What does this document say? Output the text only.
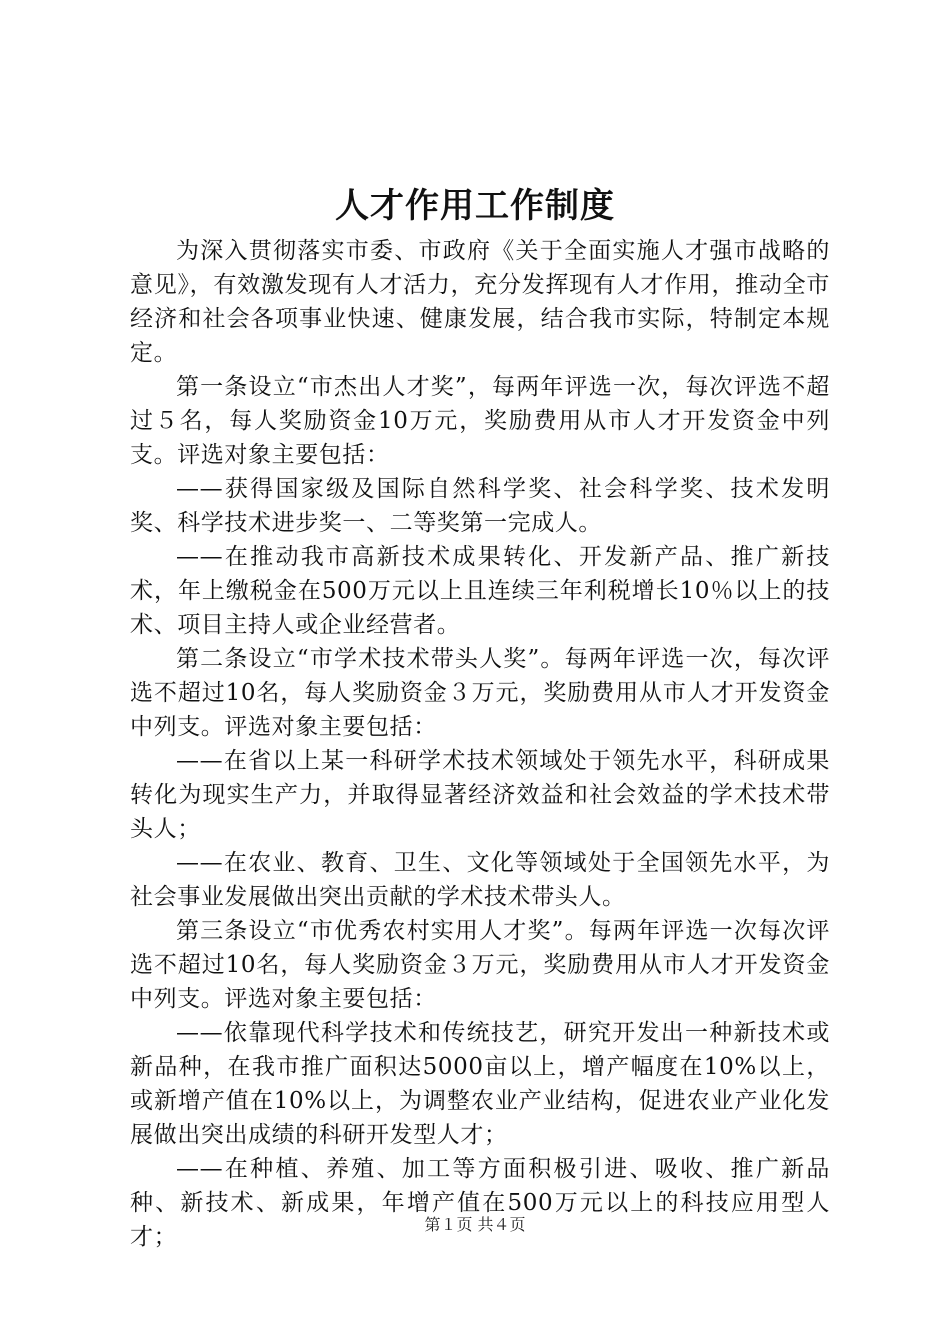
人才作用工作制度

为深入贯彻落实市委、市政府《关于全面实施人才强市战略的意见》，有效激发现有人才活力，充分发挥现有人才作用，推动全市经济和社会各项事业快速、健康发展，结合我市实际，特制定本规定。

第一条设立“市杰出人才奖”，每两年评选一次，每次评选不超过５名，每人奖励资金10万元，奖励费用从市人才开发资金中列支。评选对象主要包括：

——获得国家级及国际自然科学奖、社会科学奖、技术发明奖、科学技术进步奖一、二等奖第一完成人。

——在推动我市高新技术成果转化、开发新产品、推广新技术，年上缴税金在500万元以上且连续三年利税增长10％以上的技术、项目主持人或企业经营者。

第二条设立“市学术技术带头人奖”。每两年评选一次，每次评选不超过10名，每人奖励资金３万元，奖励费用从市人才开发资金中列支。评选对象主要包括：

——在省以上某一科研学术技术领域处于领先水平，科研成果转化为现实生产力，并取得显著经济效益和社会效益的学术技术带头人；

——在农业、教育、卫生、文化等领域处于全国领先水平，为社会事业发展做出突出贡献的学术技术带头人。

第三条设立“市优秀农村实用人才奖”。每两年评选一次每次评选不超过10名，每人奖励资金３万元，奖励费用从市人才开发资金中列支。评选对象主要包括：

——依靠现代科学技术和传统技艺，研究开发出一种新技术或新品种，在我市推广面积达5000亩以上，增产幅度在10%以上，或新增产值在10%以上，为调整农业产业结构，促进农业产业化发展做出突出成绩的科研开发型人才；

——在种植、养殖、加工等方面积极引进、吸收、推广新品种、新技术、新成果，年增产值在500万元以上的科技应用型人才；	第１页 共４页
